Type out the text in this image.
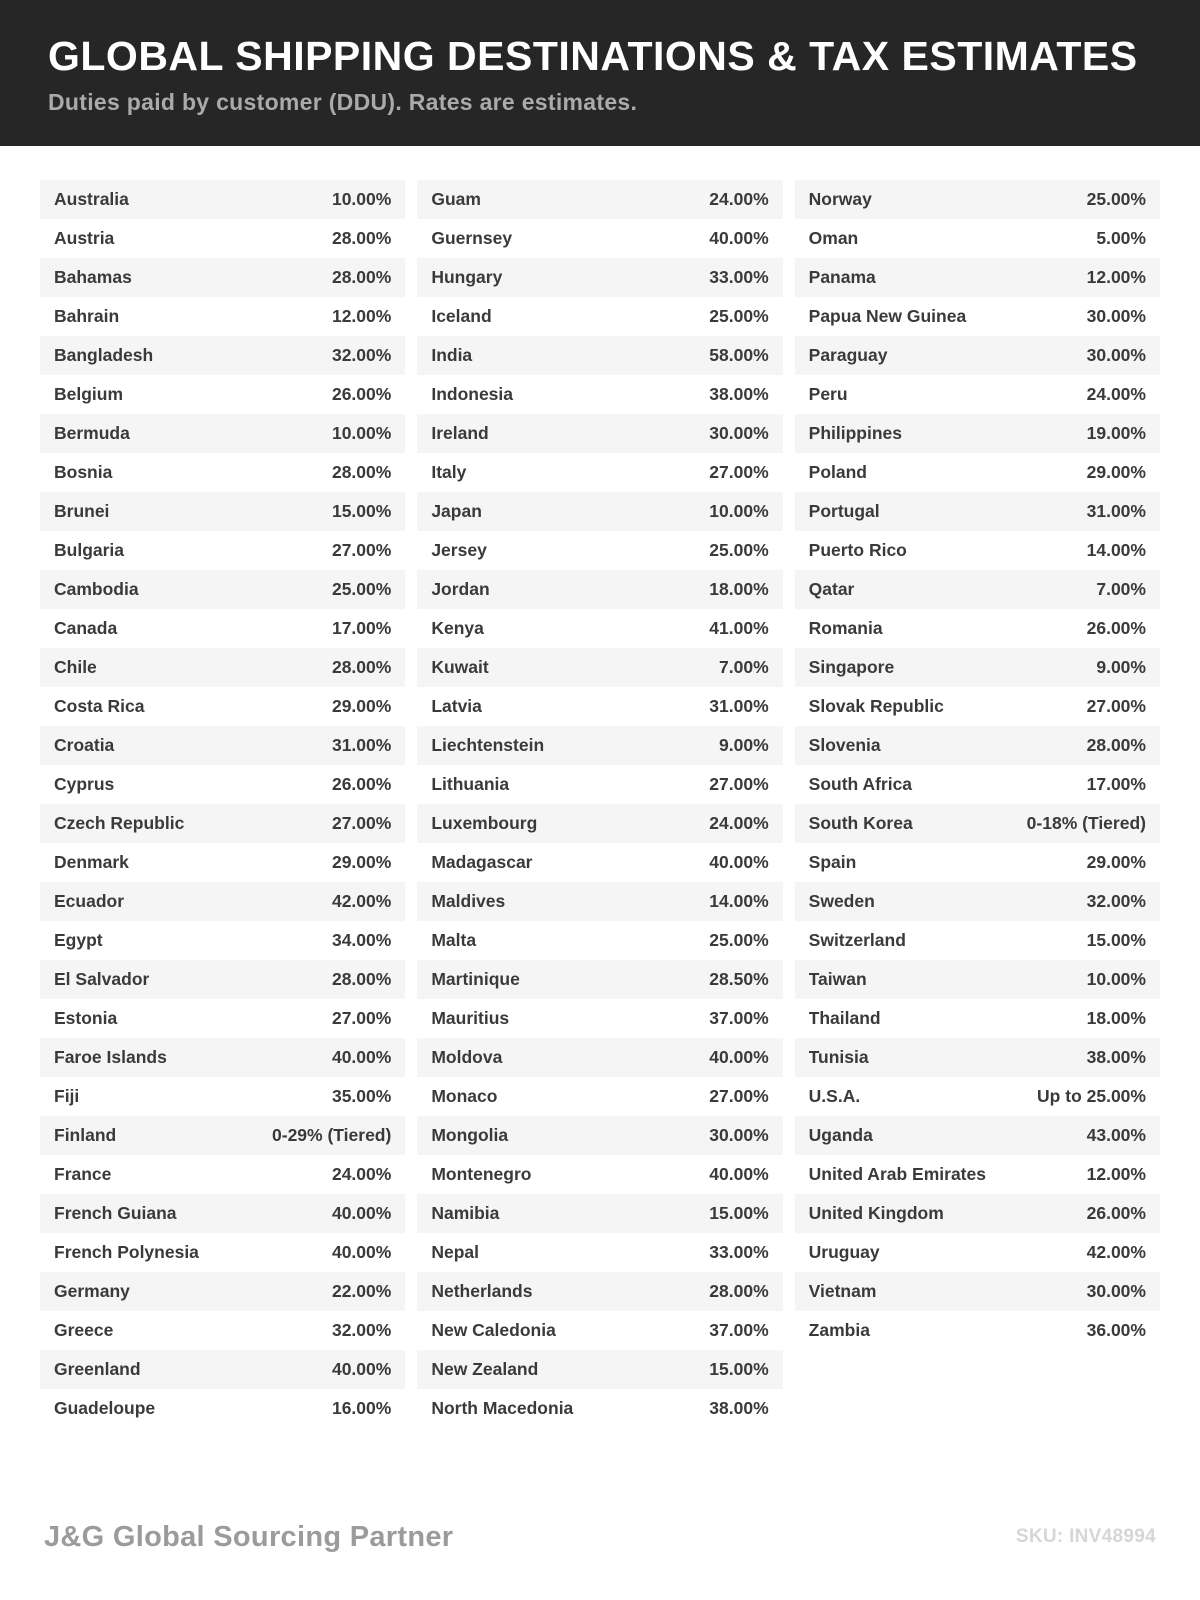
GLOBAL SHIPPING DESTINATIONS & TAX ESTIMATES
Duties paid by customer (DDU). Rates are estimates.
Australia	10.00%
Austria	28.00%
Bahamas	28.00%
Bahrain	12.00%
Bangladesh	32.00%
Belgium	26.00%
Bermuda	10.00%
Bosnia	28.00%
Brunei	15.00%
Bulgaria	27.00%
Cambodia	25.00%
Canada	17.00%
Chile	28.00%
Costa Rica	29.00%
Croatia	31.00%
Cyprus	26.00%
Czech Republic	27.00%
Denmark	29.00%
Ecuador	42.00%
Egypt	34.00%
El Salvador	28.00%
Estonia	27.00%
Faroe Islands	40.00%
Fiji	35.00%
Finland	0-29% (Tiered)
France	24.00%
French Guiana	40.00%
French Polynesia	40.00%
Germany	22.00%
Greece	32.00%
Greenland	40.00%
Guadeloupe	16.00%
Guam	24.00%
Guernsey	40.00%
Hungary	33.00%
Iceland	25.00%
India	58.00%
Indonesia	38.00%
Ireland	30.00%
Italy	27.00%
Japan	10.00%
Jersey	25.00%
Jordan	18.00%
Kenya	41.00%
Kuwait	7.00%
Latvia	31.00%
Liechtenstein	9.00%
Lithuania	27.00%
Luxembourg	24.00%
Madagascar	40.00%
Maldives	14.00%
Malta	25.00%
Martinique	28.50%
Mauritius	37.00%
Moldova	40.00%
Monaco	27.00%
Mongolia	30.00%
Montenegro	40.00%
Namibia	15.00%
Nepal	33.00%
Netherlands	28.00%
New Caledonia	37.00%
New Zealand	15.00%
North Macedonia	38.00%
Norway	25.00%
Oman	5.00%
Panama	12.00%
Papua New Guinea	30.00%
Paraguay	30.00%
Peru	24.00%
Philippines	19.00%
Poland	29.00%
Portugal	31.00%
Puerto Rico	14.00%
Qatar	7.00%
Romania	26.00%
Singapore	9.00%
Slovak Republic	27.00%
Slovenia	28.00%
South Africa	17.00%
South Korea	0-18% (Tiered)
Spain	29.00%
Sweden	32.00%
Switzerland	15.00%
Taiwan	10.00%
Thailand	18.00%
Tunisia	38.00%
U.S.A.	Up to 25.00%
Uganda	43.00%
United Arab Emirates	12.00%
United Kingdom	26.00%
Uruguay	42.00%
Vietnam	30.00%
Zambia	36.00%
J&G Global Sourcing Partner	SKU: INV48994
